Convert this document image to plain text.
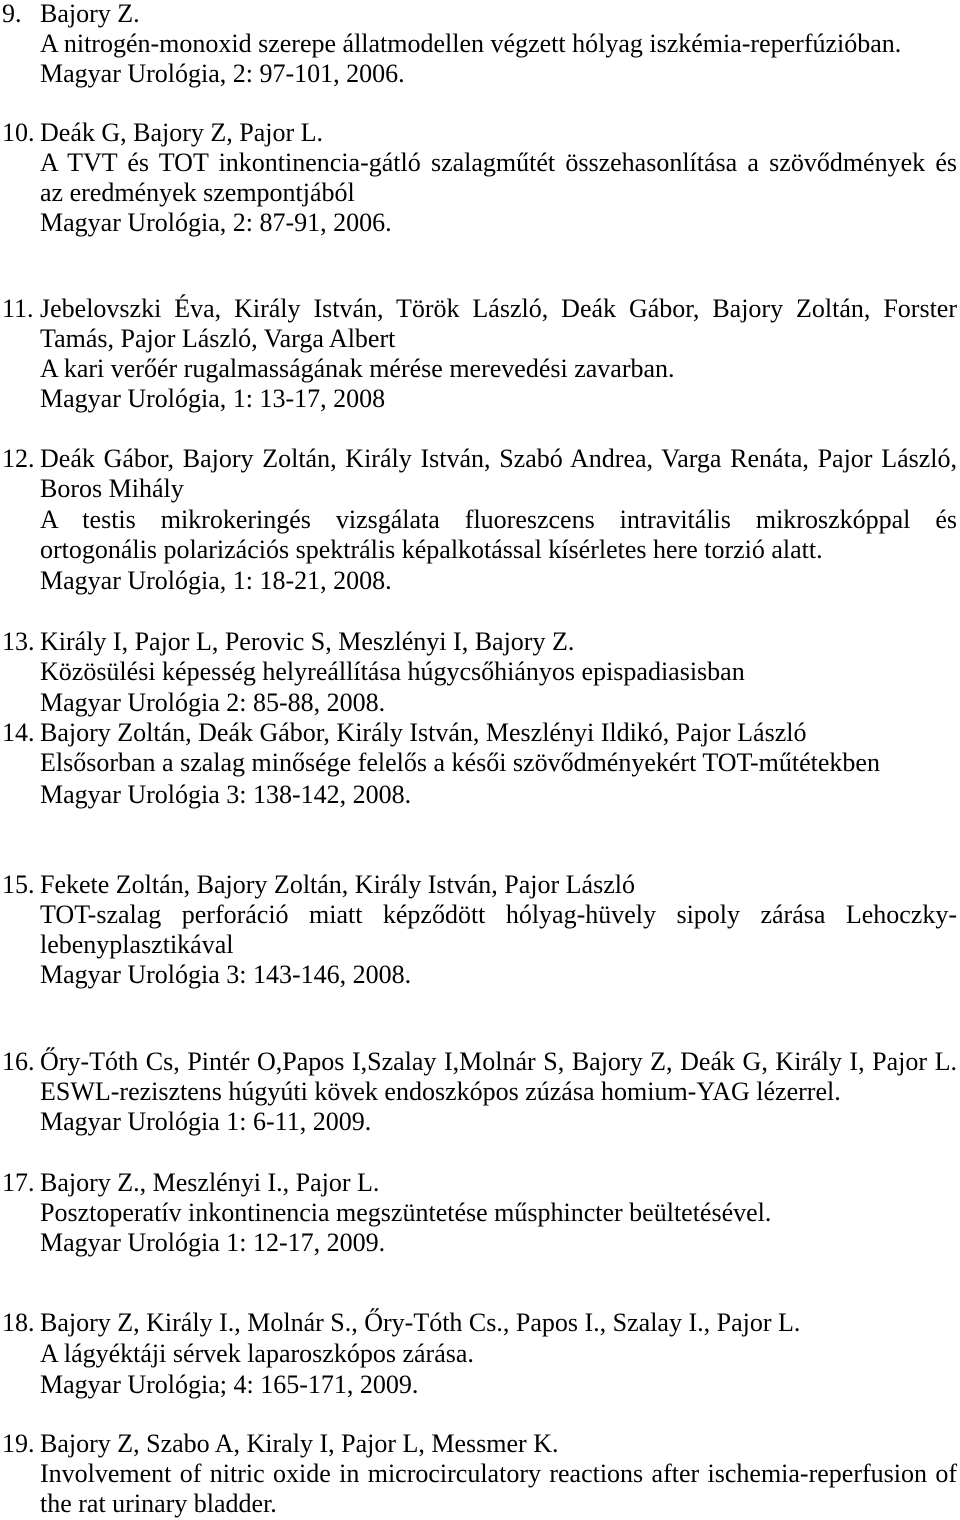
9. Bajory Z.
A nitrogén-monoxid szerepe állatmodellen végzett hólyag iszkémia-reperfúzióban.
Magyar Urológia, 2: 97-101, 2006.
10. Deák G, Bajory Z, Pajor L.
A TVT és TOT inkontinencia-gátló szalagműtét összehasonlítása a szövődmények és
az eredmények szempontjából
Magyar Urológia, 2: 87-91, 2006.
11. Jebelovszki Éva, Király István, Török László, Deák Gábor, Bajory Zoltán, Forster
Tamás, Pajor László, Varga Albert
A kari verőér rugalmasságának mérése merevedési zavarban.
Magyar Urológia, 1: 13-17, 2008
12. Deák Gábor, Bajory Zoltán, Király István, Szabó Andrea, Varga Renáta, Pajor László,
Boros Mihály
A testis mikrokeringés vizsgálata fluoreszcens intravitális mikroszkóppal és
ortogonális polarizációs spektrális képalkotással kísérletes here torzió alatt.
Magyar Urológia, 1: 18-21, 2008.
13. Király I, Pajor L, Perovic S, Meszlényi I, Bajory Z.
Közösülési képesség helyreállítása húgycsőhiányos epispadiasisban
Magyar Urológia 2: 85-88, 2008.
14. Bajory Zoltán, Deák Gábor, Király István, Meszlényi Ildikó, Pajor László
Elsősorban a szalag minősége felelős a késői szövődményekért TOT-műtétekben
Magyar Urológia 3: 138-142, 2008.
15. Fekete Zoltán, Bajory Zoltán, Király István, Pajor László
TOT-szalag perforáció miatt képződött hólyag-hüvely sipoly zárása Lehoczky-
lebenyplasztikával
Magyar Urológia 3: 143-146, 2008.
16. Őry-Tóth Cs, Pintér O,Papos I,Szalay I,Molnár S, Bajory Z, Deák G, Király I, Pajor L.
ESWL-rezisztens húgyúti kövek endoszkópos zúzása homium-YAG lézerrel.
Magyar Urológia 1: 6-11, 2009.
17. Bajory Z., Meszlényi I., Pajor L.
Posztoperatív inkontinencia megszüntetése műsphincter beültetésével.
Magyar Urológia 1: 12-17, 2009.
18. Bajory Z, Király I., Molnár S., Őry-Tóth Cs., Papos I., Szalay I., Pajor L.
A lágyéktáji sérvek laparoszkópos zárása.
Magyar Urológia; 4: 165-171, 2009.
19. Bajory Z, Szabo A, Kiraly I, Pajor L, Messmer K.
Involvement of nitric oxide in microcirculatory reactions after ischemia-reperfusion of
the rat urinary bladder.
